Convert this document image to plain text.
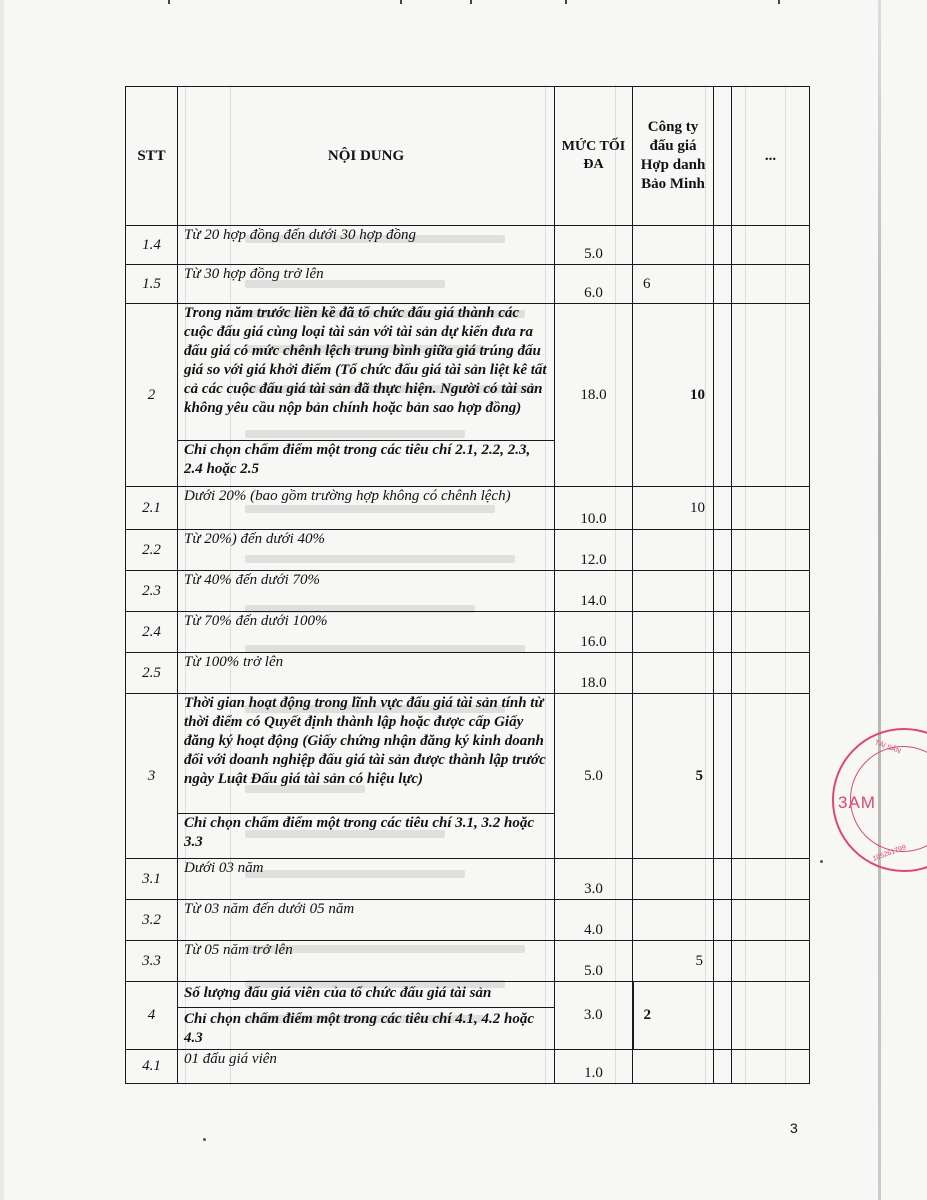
STT	NỘI DUNG	MỨC TỐI ĐA	Công ty đấu giá Hợp danh Bảo Minh		...
1.4	Từ 20 hợp đồng đến dưới 30 hợp đồng	5.0			
1.5	Từ 30 hợp đồng trở lên	6.0	6		
2	Trong năm trước liền kề đã tổ chức đấu giá thành các cuộc đấu giá cùng loại tài sản với tài sản dự kiến đưa ra đấu giá có mức chênh lệch trung bình giữa giá trúng đấu giá so với giá khởi điểm (Tổ chức đấu giá tài sản liệt kê tất cả các cuộc đấu giá tài sản đã thực hiện. Người có tài sản không yêu cầu nộp bản chính hoặc bản sao hợp đồng)	18.0	10		
	Chỉ chọn chấm điểm một trong các tiêu chí 2.1, 2.2, 2.3, 2.4 hoặc 2.5				
2.1	Dưới 20% (bao gồm trường hợp không có chênh lệch)	10.0	10		
2.2	Từ 20%) đến dưới 40%	12.0			
2.3	Từ 40% đến dưới 70%	14.0			
2.4	Từ 70% đến dưới 100%	16.0			
2.5	Từ 100% trở lên	18.0			
3	Thời gian hoạt động trong lĩnh vực đấu giá tài sản tính từ thời điểm có Quyết định thành lập hoặc được cấp Giấy đăng ký hoạt động (Giấy chứng nhận đăng ký kinh doanh đối với doanh nghiệp đấu giá tài sản được thành lập trước ngày Luật Đấu giá tài sản có hiệu lực)	5.0	5		
	Chỉ chọn chấm điểm một trong các tiêu chí 3.1, 3.2 hoặc 3.3				
3.1	Dưới 03 năm	3.0			
3.2	Từ 03 năm đến dưới 05 năm	4.0			
3.3	Từ 05 năm trở lên	5.0	5		
4	Số lượng đấu giá viên của tổ chức đấu giá tài sản	3.0	2		
	Chỉ chọn chấm điểm một trong các tiêu chí 4.1, 4.2 hoặc 4.3				
4.1	01 đấu giá viên	1.0			
TÀI SẢN
3AM
105261799
3
